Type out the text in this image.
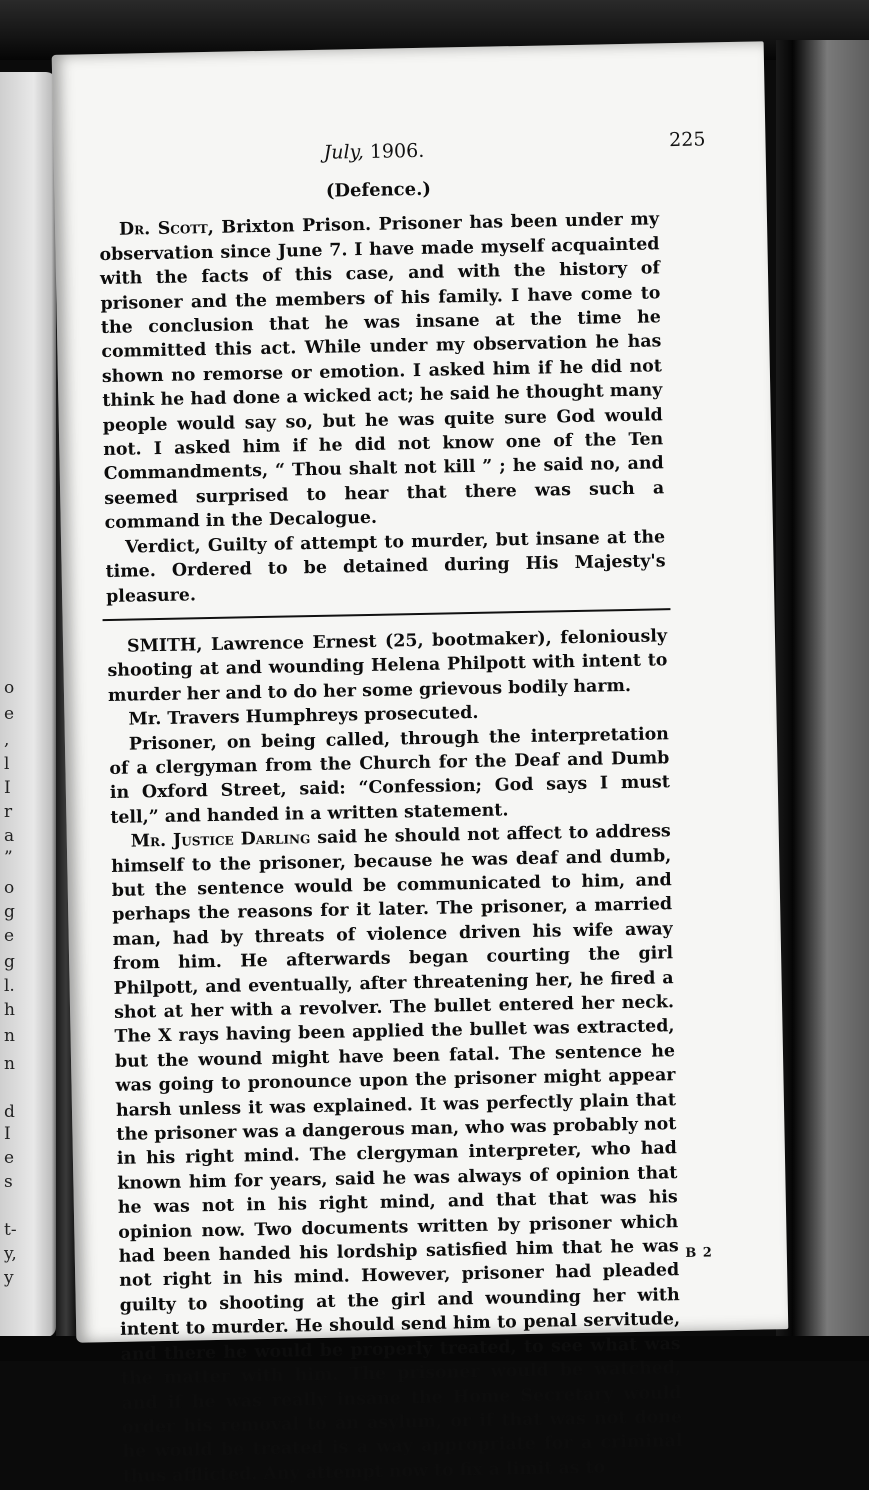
o
e
,
l
I
r
a
”
o
g
e
g
l.
h
n
n
d
I
e
s
t-
y,
y
July, 1906.
225
(Defence.)

Dr. Scott, Brixton Prison. Prisoner has been under my observation since June 7. I have made myself acquainted with the facts of this case, and with the history of prisoner and the members of his family. I have come to the conclusion that he was insane at the time he committed this act. While under my observation he has shown no remorse or emotion. I asked him if he did not think he had done a wicked act; he said he thought many people would say so, but he was quite sure God would not. I asked him if he did not know one of the Ten Commandments, “ Thou shalt not kill ” ; he said no, and seemed surprised to hear that there was such a command in the Decalogue.

Verdict, Guilty of attempt to murder, but insane at the time. Ordered to be detained during His Majesty's pleasure.

SMITH, Lawrence Ernest (25, bootmaker), feloniously shooting at and wounding Helena Philpott with intent to murder her and to do her some grievous bodily harm.

Mr. Travers Humphreys prosecuted.

Prisoner, on being called, through the interpretation of a clergyman from the Church for the Deaf and Dumb in Oxford Street, said: “Confession; God says I must tell,” and handed in a written statement.

Mr. Justice Darling said he should not affect to address himself to the prisoner, because he was deaf and dumb, but the sentence would be communicated to him, and perhaps the reasons for it later. The prisoner, a married man, had by threats of violence driven his wife away from him. He afterwards began courting the girl Philpott, and eventually, after threatening her, he fired a shot at her with a revolver. The bullet entered her neck. The X rays having been applied the bullet was extracted, but the wound might have been fatal. The sentence he was going to pronounce upon the prisoner might appear harsh unless it was explained. It was perfectly plain that the prisoner was a dangerous man, who was probably not in his right mind. The clergyman interpreter, who had known him for years, said he was always of opinion that he was not in his right mind, and that that was his opinion now. Two documents written by prisoner which had been handed his lordship satisfied him that he was not right in his mind. However, prisoner had pleaded guilty to shooting at the girl and wounding her with intent to murder. He should send him to penal servitude, and there he would be properly treated, to see what was the matter with him. The prisoner would be watched, and if he was really insane the Home Secretary would order his removal to an asylum, or if that was not done he would be treated is a way appropriate for a criminal thus afflicted. Any attempt now to fix a limit as to

B 2
